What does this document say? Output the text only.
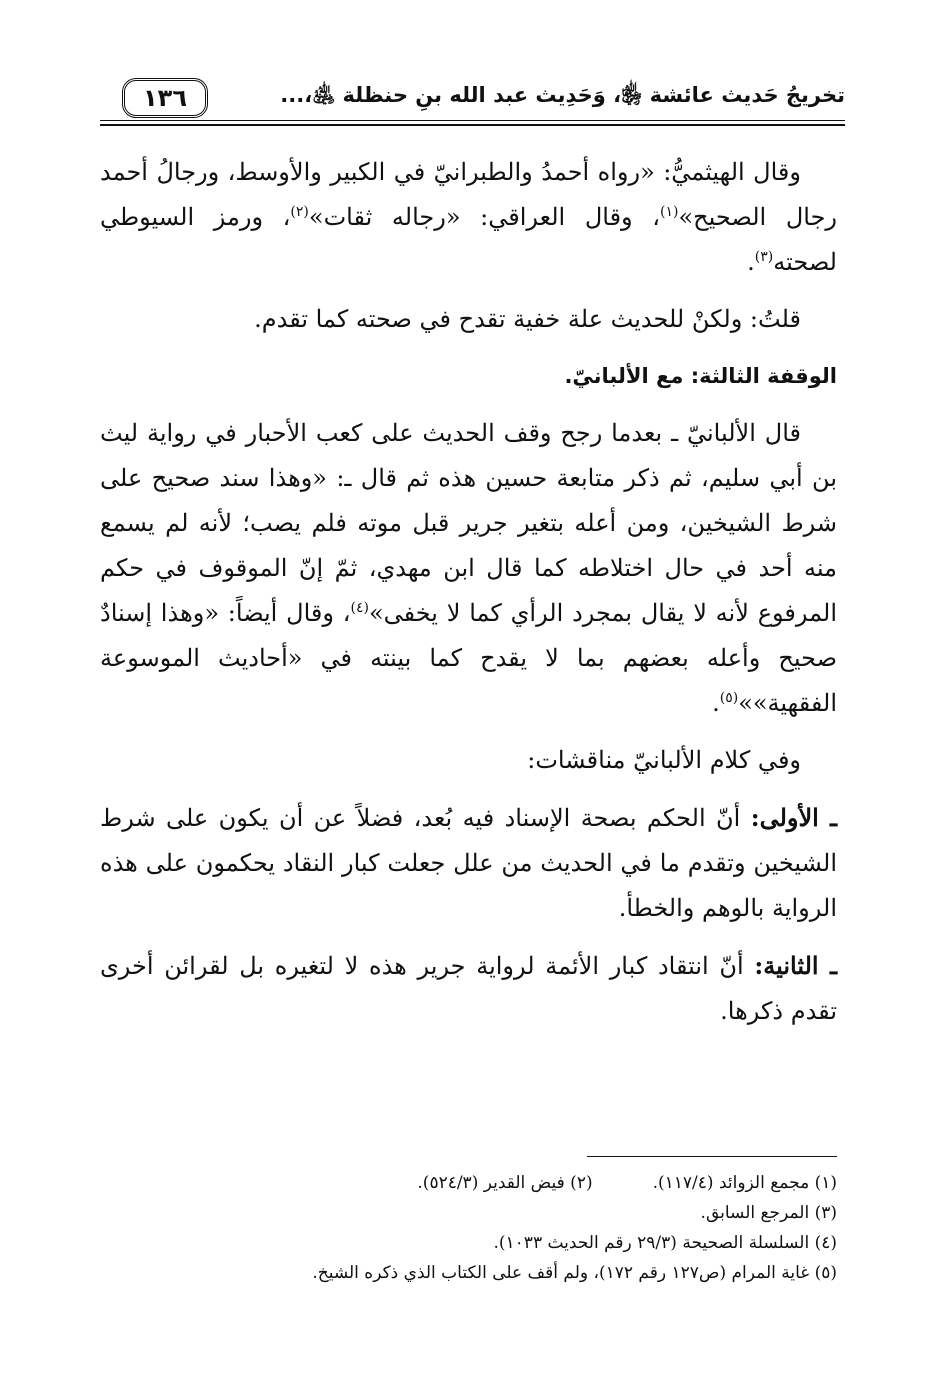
تخريجُ حَديث عائشة ﵂، وَحَدِيث عبد الله بنِ حنظلة ﵁،...
١٣٦

وقال الهيثميُّ: «رواه أحمدُ والطبرانيّ في الكبير والأوسط، ورجالُ أحمد رجال الصحيح»$^{(١)}$، وقال العراقي: «رجاله ثقات»$^{(٢)}$، ورمز السيوطي لصحته$^{(٣)}$.

قلتُ: ولكنْ للحديث علة خفية تقدح في صحته كما تقدم.

الوقفة الثالثة: مع الألبانيّ.

قال الألبانيّ ـ بعدما رجح وقف الحديث على كعب الأحبار في رواية ليث بن أبي سليم، ثم ذكر متابعة حسين هذه ثم قال ـ: «وهذا سند صحيح على شرط الشيخين، ومن أعله بتغير جرير قبل موته فلم يصب؛ لأنه لم يسمع منه أحد في حال اختلاطه كما قال ابن مهدي، ثمّ إنّ الموقوف في حكم المرفوع لأنه لا يقال بمجرد الرأي كما لا يخفى»$^{(٤)}$، وقال أيضاً: «وهذا إسنادٌ صحيح وأعله بعضهم بما لا يقدح كما بينته في «أحاديث الموسوعة الفقهية»»$^{(٥)}$.

وفي كلام الألبانيّ مناقشات:

ـ الأولى: أنّ الحكم بصحة الإسناد فيه بُعد، فضلاً عن أن يكون على شرط الشيخين وتقدم ما في الحديث من علل جعلت كبار النقاد يحكمون على هذه الرواية بالوهم والخطأ.

ـ الثانية: أنّ انتقاد كبار الأئمة لرواية جرير هذه لا لتغيره بل لقرائن أخرى تقدم ذكرها.

(١) مجمع الزوائد (١١٧/٤).
(٢) فيض القدير (٥٢٤/٣).
(٣) المرجع السابق.
(٤) السلسلة الصحيحة (٢٩/٣ رقم الحديث ١٠٣٣).
(٥) غاية المرام (ص١٢٧ رقم ١٧٢)، ولم أقف على الكتاب الذي ذكره الشيخ.
